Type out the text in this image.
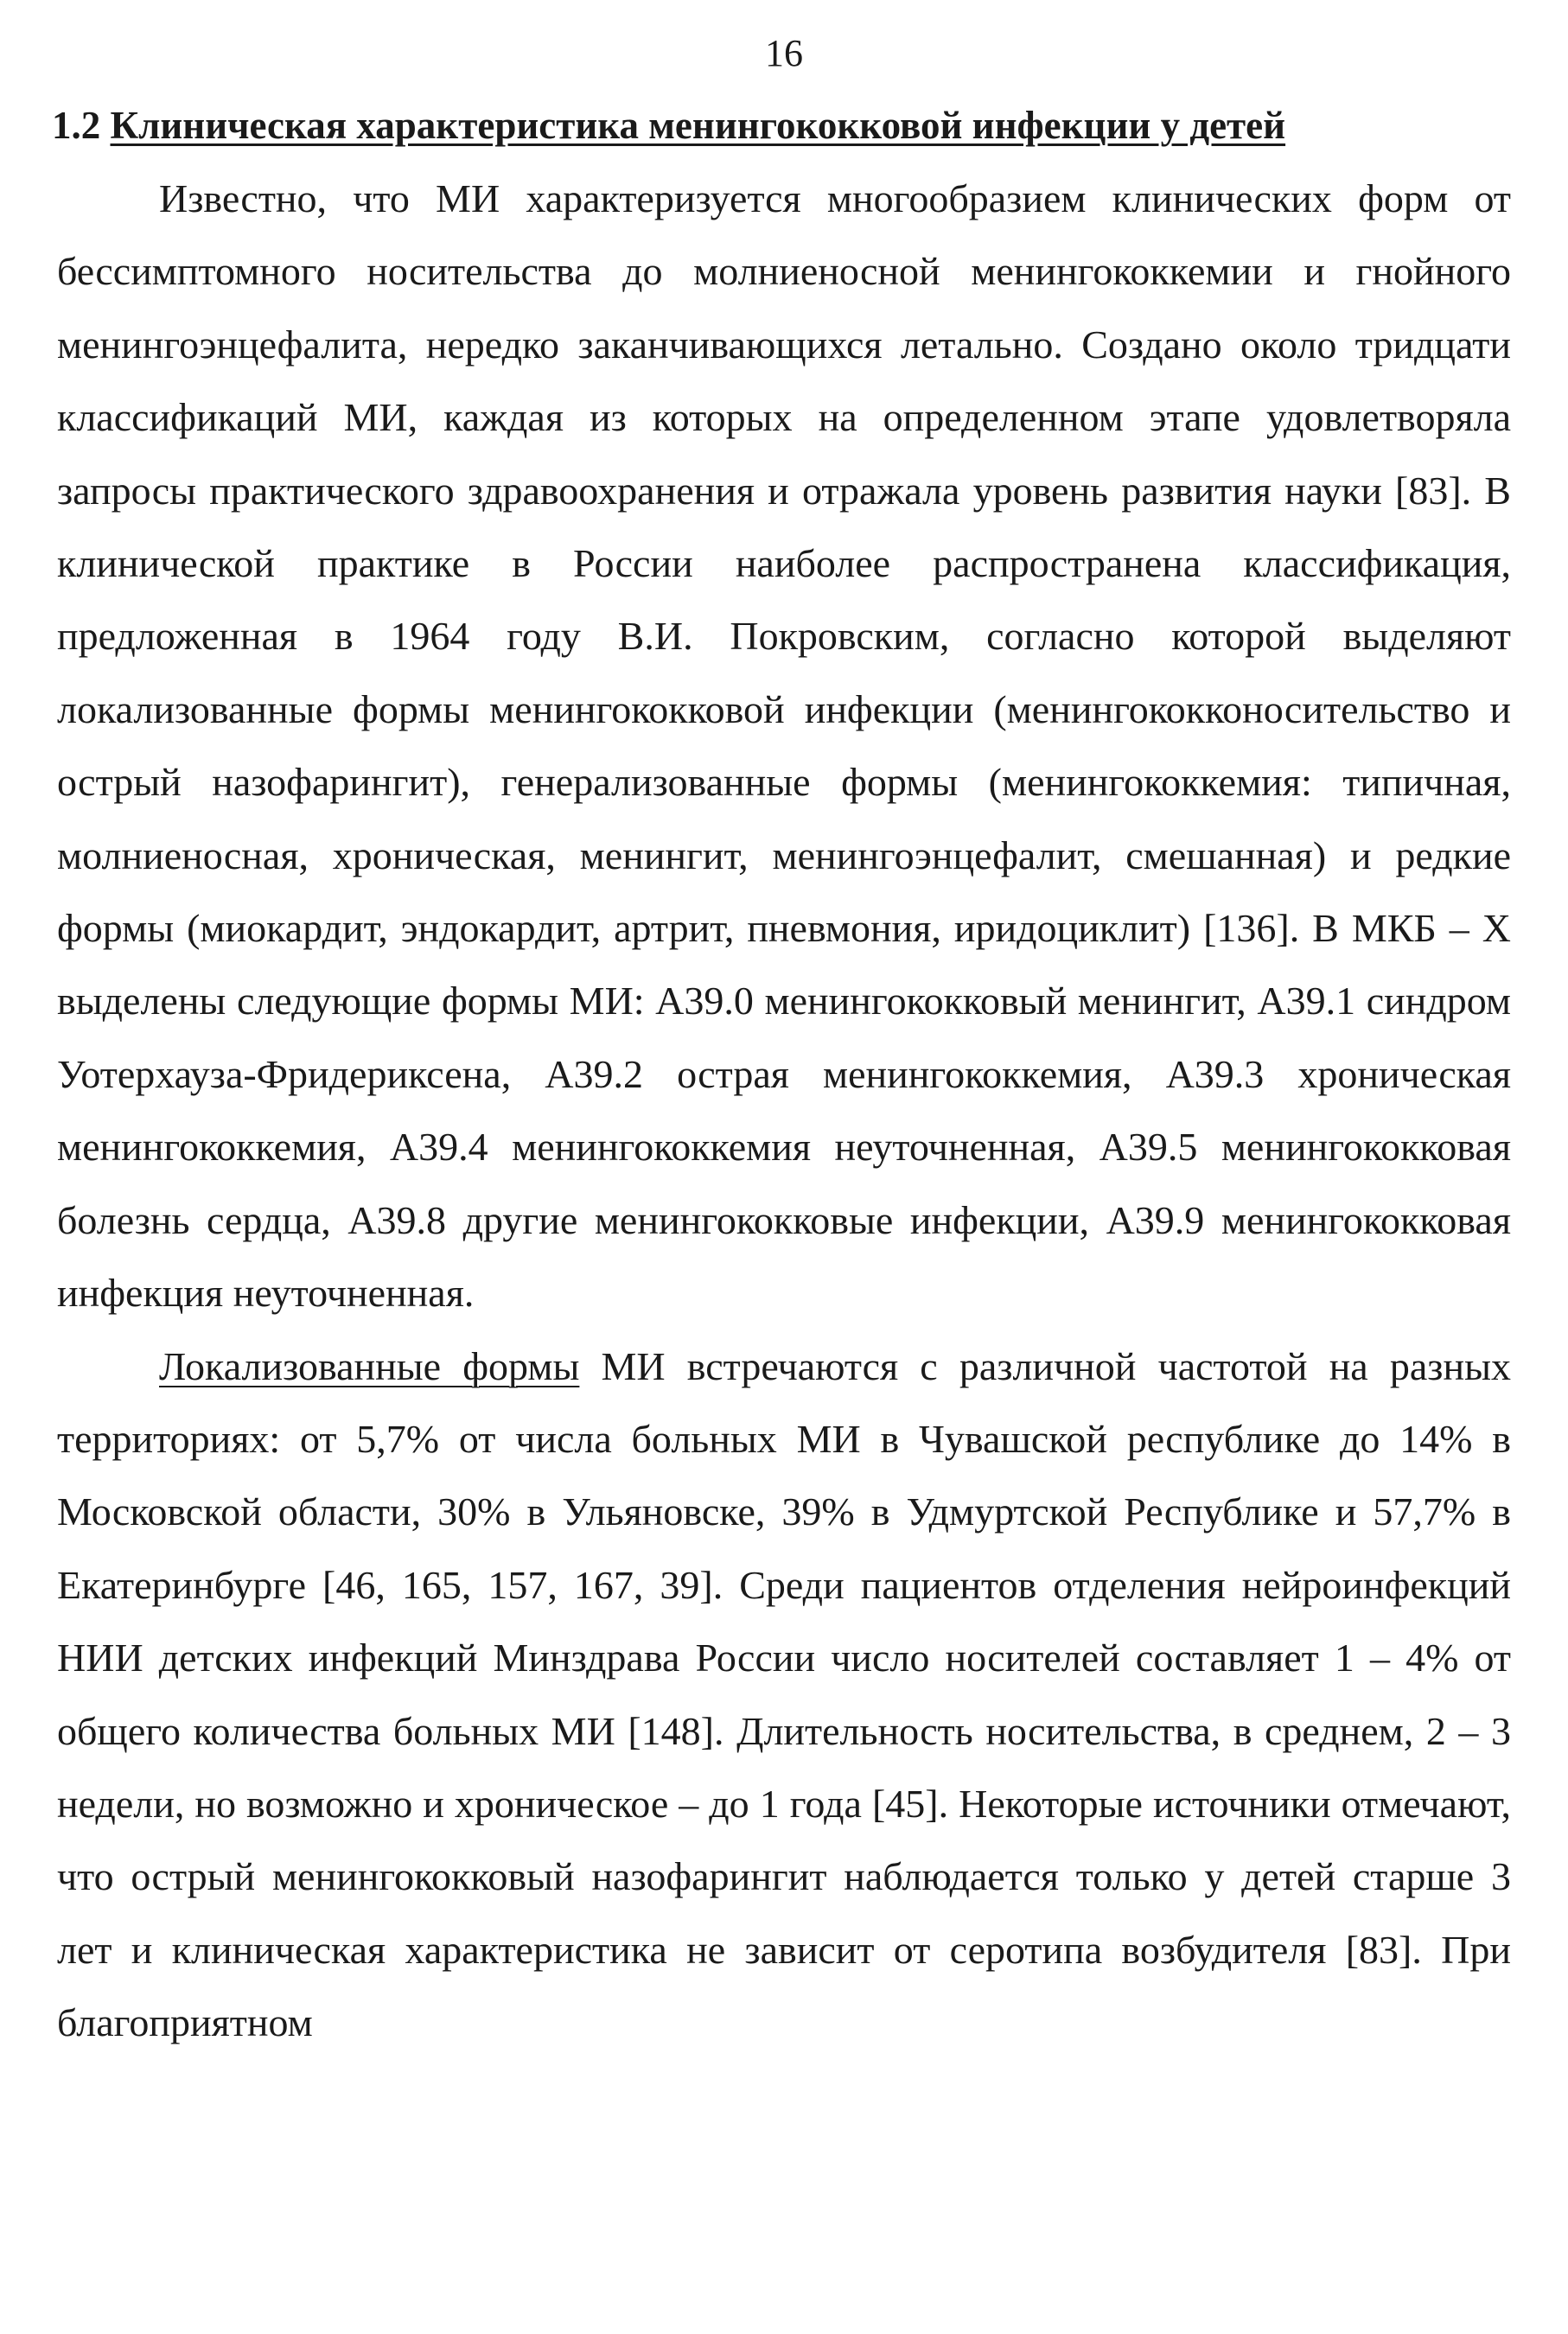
16
1.2 Клиническая характеристика менингококковой инфекции у детей

Известно, что МИ характеризуется многообразием клинических форм от бессимптомного носительства до молниеносной менингококкемии и гнойного менингоэнцефалита, нередко заканчивающихся летально. Создано около тридцати классификаций МИ, каждая из которых на определенном этапе удовлетворяла запросы практического здравоохранения и отражала уровень развития науки [83]. В клинической практике в России наиболее распространена классификация, предложенная в 1964 году В.И. Покровским, согласно которой выделяют локализованные формы менингококковой инфекции (менингококконосительство и острый назофарингит), генерализованные формы (менингококкемия: типичная, молниеносная, хроническая, менингит, менингоэнцефалит, смешанная) и редкие формы (миокардит, эндокардит, артрит, пневмония, иридоциклит) [136]. В МКБ – X выделены следующие формы МИ: А39.0 менингококковый менингит, А39.1 синдром Уотерхауза-Фридериксена, А39.2 острая менингококкемия, А39.3 хроническая менингококкемия, А39.4 менингококкемия неуточненная, А39.5 менингококковая болезнь сердца, А39.8 другие менингококковые инфекции, А39.9 менингококковая инфекция неуточненная.

Локализованные формы МИ встречаются с различной частотой на разных территориях: от 5,7% от числа больных МИ в Чувашской республике до 14% в Московской области, 30% в Ульяновске, 39% в Удмуртской Республике и 57,7% в Екатеринбурге [46, 165, 157, 167, 39]. Среди пациентов отделения нейроинфекций НИИ детских инфекций Минздрава России число носителей составляет 1 – 4% от общего количества больных МИ [148]. Длительность носительства, в среднем, 2 – 3 недели, но возможно и хроническое – до 1 года [45]. Некоторые источники отмечают, что острый менингококковый назофарингит наблюдается только у детей старше 3 лет и клиническая характеристика не зависит от серотипа возбудителя [83]. При благоприятном
